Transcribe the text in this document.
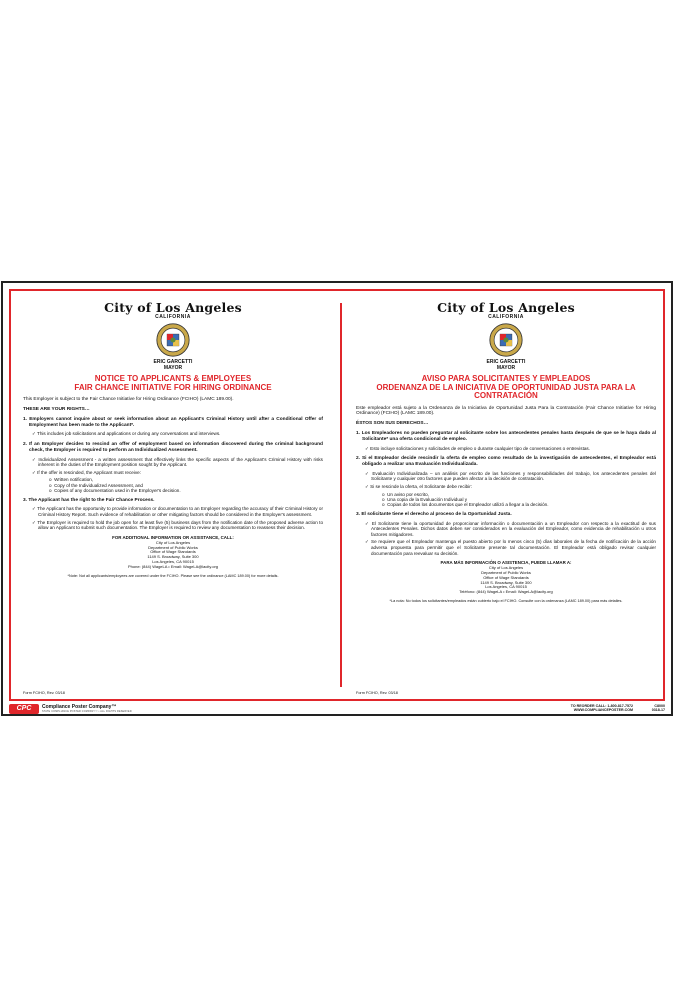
City of Los Angeles
CALIFORNIA
ERIC GARCETTI
MAYOR
NOTICE TO APPLICANTS & EMPLOYEES
FAIR CHANCE INITIATIVE FOR HIRING ORDINANCE
This Employer is subject to the Fair Chance Initiative for Hiring Ordinance (FCIHO) (LAMC 189.00).
THESE ARE YOUR RIGHTS…
1. Employers cannot inquire about or seek information about an Applicant's Criminal History until after a Conditional Offer of Employment has been made to the Applicant*.
✓ This includes job solicitations and applications or during any conversations and interviews.
2. If an Employer decides to rescind an offer of employment based on information discovered during the criminal background check, the Employer is required to perform an Individualized Assessment.
✓ Individualized Assessment - a written assessment that effectively links the specific aspects of the Applicant's Criminal History with risks inherent in the duties of the Employment position sought by the Applicant.
✓ If the offer is rescinded, the Applicant must receive:
o  Written notification,
o  Copy of the Individualized Assessment, and
o  Copies of any documentation used in the Employer's decision.
3. The Applicant has the right to the Fair Chance Process.
✓ The Applicant has the opportunity to provide information or documentation to an Employer regarding the accuracy of their Criminal History or Criminal History Report. Such evidence of rehabilitation or other mitigating factors should be considered in the Employer's assessment.
✓ The Employer is required to hold the job open for at least five (5) business days from the notification date of the proposed adverse action to allow an Applicant to submit such documentation. The Employer is required to review any documentation to reassess their decision.
FOR ADDITIONAL INFORMATION OR ASSISTANCE, CALL:
City of Los Angeles
Department of Public Works
Office of Wage Standards
1149 S. Broadway, Suite 300
Los Angeles, CA 90015
Phone: (844) WageLA • Email: WageLA@lacity.org
*Note: Not all applicants/employees are covered under the FCIHO. Please see the ordinance (LAMC 189.00) for more details.
Form FCIHO, Rev. 03/18
City of Los Angeles
CALIFORNIA
ERIC GARCETTI
MAYOR
AVISO PARA SOLICITANTES Y EMPLEADOS
ORDENANZA DE LA INICIATIVA DE OPORTUNIDAD JUSTA PARA LA CONTRATACIÓN
Este empleador está sujeto a la Ordenanza de la Iniciativa de Oportunidad Justa Para la Contratación (Fair Chance Initiative for Hiring Ordinance) (FCIHO) (LAMC 189.00).
ÉSTOS SON SUS DERECHOS…
1. Los Empleadores no pueden preguntar al solicitante sobre los antecedentes penales hasta después de que se le haya dado al Solicitante* una oferta condicional de empleo.
✓ Esto incluye solicitaciones y solicitudes de empleo o durante cualquier tipo de conversaciones o entrevistas.
2. Si el Empleador decide rescindir la oferta de empleo como resultado de la investigación de antecedentes, el Empleador está obligado a realizar una Evaluación Individualizada.
✓ Evaluación Individualizada – un análisis por escrito de las funciones y responsabilidades del trabajo, los antecedentes penales del Solicitante y cualquier otro factores que pueden afectar a la decisión de contratación.
✓ Si se rescinde la oferta, el Solicitante debe recibir:
o  Un aviso por escrito,
o  Una copia de la Evaluación Individual y
o  Copias de todos los documentos que el Empleador utilizó a llegar a la decisión.
3. El solicitante tiene el derecho al proceso de la Oportunidad Justa.
✓ El Solicitante tiene la oportunidad de proporcionar información o documentación a un Empleador con respecto a la exactitud de sus Antecedentes Penales. Dichos datos deben ser considerados en la evaluación del Empleador, como evidencia de rehabilitación u otros factores mitigadores.
✓ Se requiere que el Empleador mantenga el puesto abierto por lo menos cinco (5) días laborales de la fecha de notificación de la acción adversa propuesta para permitir que el Solicitante presente tal documentación. El Empleador está obligado revisar cualquier documentación para reevaluar su decisión.
PARA MÁS INFORMACIÓN O ASISTENCIA, PUEDE LLAMAR A:
City of Los Angeles
Department of Public Works
Office of Wage Standards
1149 S. Broadway, Suite 300
Los Angeles, CA 90015
Teléfono: (844) WageLA • Email: WageLA@lacity.org
*La nota: No todos los solicitantes/empleados están cubierto bajo el FCIHO. Consulte con la ordenanza (LAMC 189.00) para más detalles.
Form FCIHO, Rev. 03/18
CPC	Compliance Poster Company™
STATE COMPLIANCE POSTER COMPANY™ • ALL RIGHTS RESERVED
TO REORDER CALL: 1-800-817-7572
WWW.COMPLIANCEPOSTER.COM
C8000
0318-17
